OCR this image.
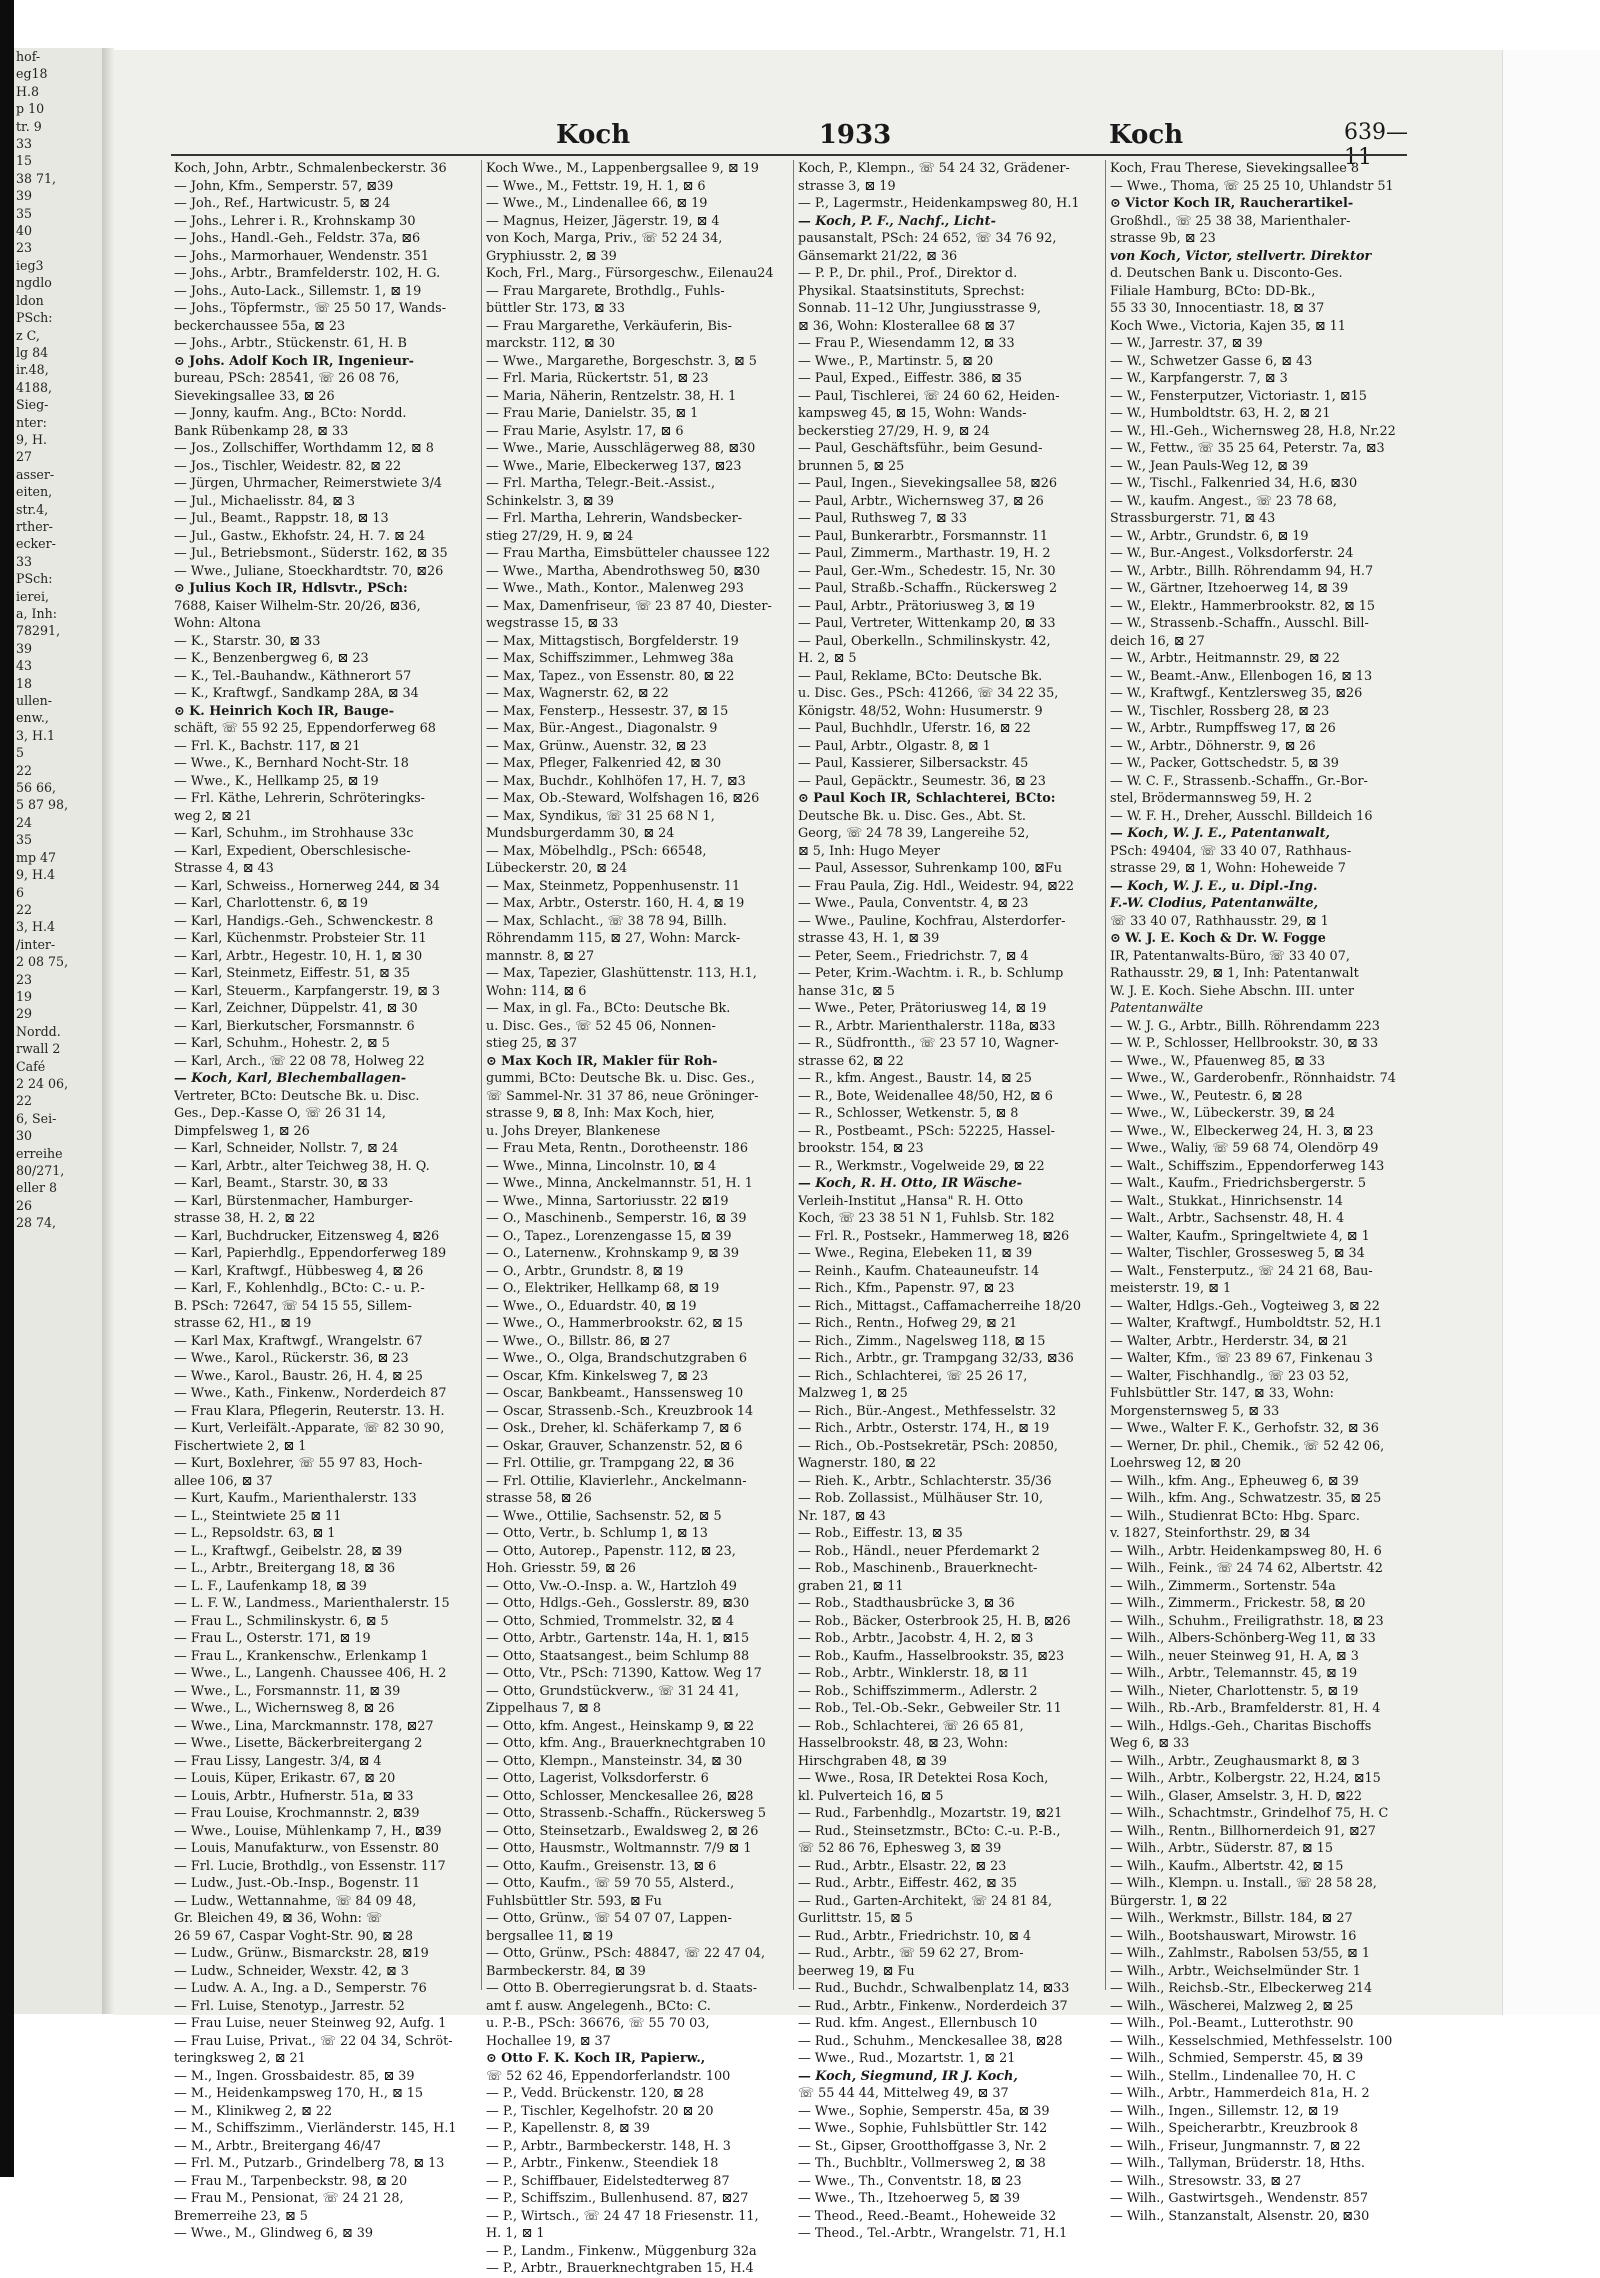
hof-
eg18
H.8
p 10
tr. 9
33
15
38 71,
39
35
40
23
ieg3
ngdlo
ldon
PSch:
z C,
lg 84
ir.48,
4188,
Sieg-
nter:
9, H.
27
asser-
eiten,
str.4,
rther-
ecker-
33
PSch:
ierei,
a, Inh:
78291,
39
43
18
ullen-
enw.,
3, H.1
5
22
56 66,
5 87 98,
24
35
mp 47
9, H.4
6
22
3, H.4
/inter-
2 08 75,
23
19
29
Nordd.
rwall 2
Café
2 24 06,
22
6, Sei-
30
erreihe
80/271,
eller 8
26
28 74,
Koch	1933	Koch	639—11
Koch, John, Arbtr., Schmalenbeckerstr. 36
— John, Kfm., Semperstr. 57, ⊠39
— Joh., Ref., Hartwicustr. 5, ⊠ 24
— Johs., Lehrer i. R., Krohnskamp 30
— Johs., Handl.-Geh., Feldstr. 37a, ⊠6
— Johs., Marmorhauer, Wendenstr. 351
— Johs., Arbtr., Bramfelderstr. 102, H. G.
— Johs., Auto-Lack., Sillemstr. 1, ⊠ 19
— Johs., Töpfermstr., ☏ 25 50 17, Wands-
beckerchaussee 55a, ⊠ 23
— Johs., Arbtr., Stückenstr. 61, H. B
⊙ Johs. Adolf Koch IR, Ingenieur-
bureau, PSch: 28541, ☏ 26 08 76,
Sievekingsallee 33, ⊠ 26
— Jonny, kaufm. Ang., BCto: Nordd.
Bank Rübenkamp 28, ⊠ 33
— Jos., Zollschiffer, Worthdamm 12, ⊠ 8
— Jos., Tischler, Weidestr. 82, ⊠ 22
— Jürgen, Uhrmacher, Reimerstwiete 3/4
— Jul., Michaelisstr. 84, ⊠ 3
— Jul., Beamt., Rappstr. 18, ⊠ 13
— Jul., Gastw., Ekhofstr. 24, H. 7. ⊠ 24
— Jul., Betriebsmont., Süderstr. 162, ⊠ 35
— Wwe., Juliane, Stoeckhardtstr. 70, ⊠26
⊙ Julius Koch IR, Hdlsvtr., PSch:
7688, Kaiser Wilhelm-Str. 20/26, ⊠36,
Wohn: Altona
— K., Starstr. 30, ⊠ 33
— K., Benzenbergweg 6, ⊠ 23
— K., Tel.-Bauhandw., Käthnerort 57
— K., Kraftwgf., Sandkamp 28A, ⊠ 34
⊙ K. Heinrich Koch IR, Bauge-
schäft, ☏ 55 92 25, Eppendorferweg 68
— Frl. K., Bachstr. 117, ⊠ 21
— Wwe., K., Bernhard Nocht-Str. 18
— Wwe., K., Hellkamp 25, ⊠ 19
— Frl. Käthe, Lehrerin, Schröteringks-
weg 2, ⊠ 21
— Karl, Schuhm., im Strohhause 33c
— Karl, Expedient, Oberschlesische-
Strasse 4, ⊠ 43
— Karl, Schweiss., Hornerweg 244, ⊠ 34
— Karl, Charlottenstr. 6, ⊠ 19
— Karl, Handigs.-Geh., Schwenckestr. 8
— Karl, Küchenmstr. Probsteier Str. 11
— Karl, Arbtr., Hegestr. 10, H. 1, ⊠ 30
— Karl, Steinmetz, Eiffestr. 51, ⊠ 35
— Karl, Steuerm., Karpfangerstr. 19, ⊠ 3
— Karl, Zeichner, Düppelstr. 41, ⊠ 30
— Karl, Bierkutscher, Forsmannstr. 6
— Karl, Schuhm., Hohestr. 2, ⊠ 5
— Karl, Arch., ☏ 22 08 78, Holweg 22
— Koch, Karl, Blechemballagen-
Vertreter, BCto: Deutsche Bk. u. Disc.
Ges., Dep.-Kasse O, ☏ 26 31 14,
Dimpfelsweg 1, ⊠ 26
— Karl, Schneider, Nollstr. 7, ⊠ 24
— Karl, Arbtr., alter Teichweg 38, H. Q.
— Karl, Beamt., Starstr. 30, ⊠ 33
— Karl, Bürstenmacher, Hamburger-
strasse 38, H. 2, ⊠ 22
— Karl, Buchdrucker, Eitzensweg 4, ⊠26
— Karl, Papierhdlg., Eppendorferweg 189
— Karl, Kraftwgf., Hübbesweg 4, ⊠ 26
— Karl, F., Kohlenhdlg., BCto: C.- u. P.-
B. PSch: 72647, ☏ 54 15 55, Sillem-
strasse 62, H1., ⊠ 19
— Karl Max, Kraftwgf., Wrangelstr. 67
— Wwe., Karol., Rückerstr. 36, ⊠ 23
— Wwe., Karol., Baustr. 26, H. 4, ⊠ 25
— Wwe., Kath., Finkenw., Norderdeich 87
— Frau Klara, Pflegerin, Reuterstr. 13. H.
— Kurt, Verleifält.-Apparate, ☏ 82 30 90,
Fischertwiete 2, ⊠ 1
— Kurt, Boxlehrer, ☏ 55 97 83, Hoch-
allee 106, ⊠ 37
— Kurt, Kaufm., Marienthalerstr. 133
— L., Steintwiete 25 ⊠ 11
— L., Repsoldstr. 63, ⊠ 1
— L., Kraftwgf., Geibelstr. 28, ⊠ 39
— L., Arbtr., Breitergang 18, ⊠ 36
— L. F., Laufenkamp 18, ⊠ 39
— L. F. W., Landmess., Marienthalerstr. 15
— Frau L., Schmilinskystr. 6, ⊠ 5
— Frau L., Osterstr. 171, ⊠ 19
— Frau L., Krankenschw., Erlenkamp 1
— Wwe., L., Langenh. Chaussee 406, H. 2
— Wwe., L., Forsmannstr. 11, ⊠ 39
— Wwe., L., Wichernsweg 8, ⊠ 26
— Wwe., Lina, Marckmannstr. 178, ⊠27
— Wwe., Lisette, Bäckerbreitergang 2
— Frau Lissy, Langestr. 3/4, ⊠ 4
— Louis, Küper, Erikastr. 67, ⊠ 20
— Louis, Arbtr., Hufnerstr. 51a, ⊠ 33
— Frau Louise, Krochmannstr. 2, ⊠39
— Wwe., Louise, Mühlenkamp 7, H., ⊠39
— Louis, Manufakturw., von Essenstr. 80
— Frl. Lucie, Brothdlg., von Essenstr. 117
— Ludw., Just.-Ob.-Insp., Bogenstr. 11
— Ludw., Wettannahme, ☏ 84 09 48,
Gr. Bleichen 49, ⊠ 36, Wohn: ☏
26 59 67, Caspar Voght-Str. 90, ⊠ 28
— Ludw., Grünw., Bismarckstr. 28, ⊠19
— Ludw., Schneider, Wexstr. 42, ⊠ 3
— Ludw. A. A., Ing. a D., Semperstr. 76
— Frl. Luise, Stenotyp., Jarrestr. 52
— Frau Luise, neuer Steinweg 92, Aufg. 1
— Frau Luise, Privat., ☏ 22 04 34, Schröt-
teringksweg 2, ⊠ 21
— M., Ingen. Grossbaidestr. 85, ⊠ 39
— M., Heidenkampsweg 170, H., ⊠ 15
— M., Klinikweg 2, ⊠ 22
— M., Schiffszimm., Vierländerstr. 145, H.1
— M., Arbtr., Breitergang 46/47
— Frl. M., Putzarb., Grindelberg 78, ⊠ 13
— Frau M., Tarpenbeckstr. 98, ⊠ 20
— Frau M., Pensionat, ☏ 24 21 28,
Bremerreihe 23, ⊠ 5
— Wwe., M., Glindweg 6, ⊠ 39
Koch Wwe., M., Lappenbergsallee 9, ⊠ 19
— Wwe., M., Fettstr. 19, H. 1, ⊠ 6
— Wwe., M., Lindenallee 66, ⊠ 19
— Magnus, Heizer, Jägerstr. 19, ⊠ 4
von Koch, Marga, Priv., ☏ 52 24 34,
Gryphiusstr. 2, ⊠ 39
Koch, Frl., Marg., Fürsorgeschw., Eilenau24
— Frau Margarete, Brothdlg., Fuhls-
büttler Str. 173, ⊠ 33
— Frau Margarethe, Verkäuferin, Bis-
marckstr. 112, ⊠ 30
— Wwe., Margarethe, Borgeschstr. 3, ⊠ 5
— Frl. Maria, Rückertstr. 51, ⊠ 23
— Maria, Näherin, Rentzelstr. 38, H. 1
— Frau Marie, Danielstr. 35, ⊠ 1
— Frau Marie, Asylstr. 17, ⊠ 6
— Wwe., Marie, Ausschlägerweg 88, ⊠30
— Wwe., Marie, Elbeckerweg 137, ⊠23
— Frl. Martha, Telegr.-Beit.-Assist.,
Schinkelstr. 3, ⊠ 39
— Frl. Martha, Lehrerin, Wandsbecker-
stieg 27/29, H. 9, ⊠ 24
— Frau Martha, Eimsbütteler chaussee 122
— Wwe., Martha, Abendrothsweg 50, ⊠30
— Wwe., Math., Kontor., Malenweg 293
— Max, Damenfriseur, ☏ 23 87 40, Diester-
wegstrasse 15, ⊠ 33
— Max, Mittagstisch, Borgfelderstr. 19
— Max, Schiffszimmer., Lehmweg 38a
— Max, Tapez., von Essenstr. 80, ⊠ 22
— Max, Wagnerstr. 62, ⊠ 22
— Max, Fensterp., Hessestr. 37, ⊠ 15
— Max, Bür.-Angest., Diagonalstr. 9
— Max, Grünw., Auenstr. 32, ⊠ 23
— Max, Pfleger, Falkenried 42, ⊠ 30
— Max, Buchdr., Kohlhöfen 17, H. 7, ⊠3
— Max, Ob.-Steward, Wolfshagen 16, ⊠26
— Max, Syndikus, ☏ 31 25 68 N 1,
Mundsburgerdamm 30, ⊠ 24
— Max, Möbelhdlg., PSch: 66548,
Lübeckerstr. 20, ⊠ 24
— Max, Steinmetz, Poppenhusenstr. 11
— Max, Arbtr., Osterstr. 160, H. 4, ⊠ 19
— Max, Schlacht., ☏ 38 78 94, Billh.
Röhrendamm 115, ⊠ 27, Wohn: Marck-
mannstr. 8, ⊠ 27
— Max, Tapezier, Glashüttenstr. 113, H.1,
Wohn: 114, ⊠ 6
— Max, in gl. Fa., BCto: Deutsche Bk.
u. Disc. Ges., ☏ 52 45 06, Nonnen-
stieg 25, ⊠ 37
⊙ Max Koch IR, Makler für Roh-
gummi, BCto: Deutsche Bk. u. Disc. Ges.,
☏ Sammel-Nr. 31 37 86, neue Gröninger-
strasse 9, ⊠ 8, Inh: Max Koch, hier,
u. Johs Dreyer, Blankenese
— Frau Meta, Rentn., Dorotheenstr. 186
— Wwe., Minna, Lincolnstr. 10, ⊠ 4
— Wwe., Minna, Anckelmannstr. 51, H. 1
— Wwe., Minna, Sartoriusstr. 22 ⊠19
— O., Maschinenb., Semperstr. 16, ⊠ 39
— O., Tapez., Lorenzengasse 15, ⊠ 39
— O., Laternenw., Krohnskamp 9, ⊠ 39
— O., Arbtr., Grundstr. 8, ⊠ 19
— O., Elektriker, Hellkamp 68, ⊠ 19
— Wwe., O., Eduardstr. 40, ⊠ 19
— Wwe., O., Hammerbrookstr. 62, ⊠ 15
— Wwe., O., Billstr. 86, ⊠ 27
— Wwe., O., Olga, Brandschutzgraben 6
— Oscar, Kfm. Kinkelsweg 7, ⊠ 23
— Oscar, Bankbeamt., Hanssensweg 10
— Oscar, Strassenb.-Sch., Kreuzbrook 14
— Osk., Dreher, kl. Schäferkamp 7, ⊠ 6
— Oskar, Grauver, Schanzenstr. 52, ⊠ 6
— Frl. Ottilie, gr. Trampgang 22, ⊠ 36
— Frl. Ottilie, Klavierlehr., Anckelmann-
strasse 58, ⊠ 26
— Wwe., Ottilie, Sachsenstr. 52, ⊠ 5
— Otto, Vertr., b. Schlump 1, ⊠ 13
— Otto, Autorep., Papenstr. 112, ⊠ 23,
Hoh. Griesstr. 59, ⊠ 26
— Otto, Vw.-O.-Insp. a. W., Hartzloh 49
— Otto, Hdlgs.-Geh., Gosslerstr. 89, ⊠30
— Otto, Schmied, Trommelstr. 32, ⊠ 4
— Otto, Arbtr., Gartenstr. 14a, H. 1, ⊠15
— Otto, Staatsangest., beim Schlump 88
— Otto, Vtr., PSch: 71390, Kattow. Weg 17
— Otto, Grundstückverw., ☏ 31 24 41,
Zippelhaus 7, ⊠ 8
— Otto, kfm. Angest., Heinskamp 9, ⊠ 22
— Otto, kfm. Ang., Brauerknechtgraben 10
— Otto, Klempn., Mansteinstr. 34, ⊠ 30
— Otto, Lagerist, Volksdorferstr. 6
— Otto, Schlosser, Menckesallee 26, ⊠28
— Otto, Strassenb.-Schaffn., Rückersweg 5
— Otto, Steinsetzarb., Ewaldsweg 2, ⊠ 26
— Otto, Hausmstr., Woltmannstr. 7/9 ⊠ 1
— Otto, Kaufm., Greisenstr. 13, ⊠ 6
— Otto, Kaufm., ☏ 59 70 55, Alsterd.,
Fuhlsbüttler Str. 593, ⊠ Fu
— Otto, Grünw., ☏ 54 07 07, Lappen-
bergsallee 11, ⊠ 19
— Otto, Grünw., PSch: 48847, ☏ 22 47 04,
Barmbeckerstr. 84, ⊠ 39
— Otto B. Oberregierungsrat b. d. Staats-
amt f. ausw. Angelegenh., BCto: C.
u. P.-B., PSch: 36676, ☏ 55 70 03,
Hochallee 19, ⊠ 37
⊙ Otto F. K. Koch IR, Papierw.,
☏ 52 62 46, Eppendorferlandstr. 100
— P., Vedd. Brückenstr. 120, ⊠ 28
— P., Tischler, Kegelhofstr. 20 ⊠ 20
— P., Kapellenstr. 8, ⊠ 39
— P., Arbtr., Barmbeckerstr. 148, H. 3
— P., Arbtr., Finkenw., Steendiek 18
— P., Schiffbauer, Eidelstedterweg 87
— P., Schiffszim., Bullenhusend. 87, ⊠27
— P., Wirtsch., ☏ 24 47 18 Friesenstr. 11,
H. 1, ⊠ 1
— P., Landm., Finkenw., Müggenburg 32a
— P., Arbtr., Brauerknechtgraben 15, H.4
Koch, P., Klempn., ☏ 54 24 32, Grädener-
strasse 3, ⊠ 19
— P., Lagermstr., Heidenkampsweg 80, H.1
— Koch, P. F., Nachf., Licht-
pausanstalt, PSch: 24 652, ☏ 34 76 92,
Gänsemarkt 21/22, ⊠ 36
— P. P., Dr. phil., Prof., Direktor d.
Physikal. Staatsinstituts, Sprechst:
Sonnab. 11–12 Uhr, Jungiusstrasse 9,
⊠ 36, Wohn: Klosterallee 68 ⊠ 37
— Frau P., Wiesendamm 12, ⊠ 33
— Wwe., P., Martinstr. 5, ⊠ 20
— Paul, Exped., Eiffestr. 386, ⊠ 35
— Paul, Tischlerei, ☏ 24 60 62, Heiden-
kampsweg 45, ⊠ 15, Wohn: Wands-
beckerstieg 27/29, H. 9, ⊠ 24
— Paul, Geschäftsführ., beim Gesund-
brunnen 5, ⊠ 25
— Paul, Ingen., Sievekingsallee 58, ⊠26
— Paul, Arbtr., Wichernsweg 37, ⊠ 26
— Paul, Ruthsweg 7, ⊠ 33
— Paul, Bunkerarbtr., Forsmannstr. 11
— Paul, Zimmerm., Marthastr. 19, H. 2
— Paul, Ger.-Wm., Schedestr. 15, Nr. 30
— Paul, Straßb.-Schaffn., Rückersweg 2
— Paul, Arbtr., Prätoriusweg 3, ⊠ 19
— Paul, Vertreter, Wittenkamp 20, ⊠ 33
— Paul, Oberkelln., Schmilinskystr. 42,
H. 2, ⊠ 5
— Paul, Reklame, BCto: Deutsche Bk.
u. Disc. Ges., PSch: 41266, ☏ 34 22 35,
Königstr. 48/52, Wohn: Husumerstr. 9
— Paul, Buchhdlr., Uferstr. 16, ⊠ 22
— Paul, Arbtr., Olgastr. 8, ⊠ 1
— Paul, Kassierer, Silbersackstr. 45
— Paul, Gepäcktr., Seumestr. 36, ⊠ 23
⊙ Paul Koch IR, Schlachterei, BCto:
Deutsche Bk. u. Disc. Ges., Abt. St.
Georg, ☏ 24 78 39, Langereihe 52,
⊠ 5, Inh: Hugo Meyer
— Paul, Assessor, Suhrenkamp 100, ⊠Fu
— Frau Paula, Zig. Hdl., Weidestr. 94, ⊠22
— Wwe., Paula, Conventstr. 4, ⊠ 23
— Wwe., Pauline, Kochfrau, Alsterdorfer-
strasse 43, H. 1, ⊠ 39
— Peter, Seem., Friedrichstr. 7, ⊠ 4
— Peter, Krim.-Wachtm. i. R., b. Schlump
hanse 31c, ⊠ 5
— Wwe., Peter, Prätoriusweg 14, ⊠ 19
— R., Arbtr. Marienthalerstr. 118a, ⊠33
— R., Südfrontth., ☏ 23 57 10, Wagner-
strasse 62, ⊠ 22
— R., kfm. Angest., Baustr. 14, ⊠ 25
— R., Bote, Weidenallee 48/50, H2, ⊠ 6
— R., Schlosser, Wetkenstr. 5, ⊠ 8
— R., Postbeamt., PSch: 52225, Hassel-
brookstr. 154, ⊠ 23
— R., Werkmstr., Vogelweide 29, ⊠ 22
— Koch, R. H. Otto, IR Wäsche-
Verleih-Institut „Hansa" R. H. Otto
Koch, ☏ 23 38 51 N 1, Fuhlsb. Str. 182
— Frl. R., Postsekr., Hammerweg 18, ⊠26
— Wwe., Regina, Elebeken 11, ⊠ 39
— Reinh., Kaufm. Chateauneufstr. 14
— Rich., Kfm., Papenstr. 97, ⊠ 23
— Rich., Mittagst., Caffamacherreihe 18/20
— Rich., Rentn., Hofweg 29, ⊠ 21
— Rich., Zimm., Nagelsweg 118, ⊠ 15
— Rich., Arbtr., gr. Trampgang 32/33, ⊠36
— Rich., Schlachterei, ☏ 25 26 17,
Malzweg 1, ⊠ 25
— Rich., Bür.-Angest., Methfesselstr. 32
— Rich., Arbtr., Osterstr. 174, H., ⊠ 19
— Rich., Ob.-Postsekretär, PSch: 20850,
Wagnerstr. 180, ⊠ 22
— Rieh. K., Arbtr., Schlachterstr. 35/36
— Rob. Zollassist., Mülhäuser Str. 10,
Nr. 187, ⊠ 43
— Rob., Eiffestr. 13, ⊠ 35
— Rob., Händl., neuer Pferdemarkt 2
— Rob., Maschinenb., Brauerknecht-
graben 21, ⊠ 11
— Rob., Stadthausbrücke 3, ⊠ 36
— Rob., Bäcker, Osterbrook 25, H. B, ⊠26
— Rob., Arbtr., Jacobstr. 4, H. 2, ⊠ 3
— Rob., Kaufm., Hasselbrookstr. 35, ⊠23
— Rob., Arbtr., Winklerstr. 18, ⊠ 11
— Rob., Schiffszimmerm., Adlerstr. 2
— Rob., Tel.-Ob.-Sekr., Gebweiler Str. 11
— Rob., Schlachterei, ☏ 26 65 81,
Hasselbrookstr. 48, ⊠ 23, Wohn:
Hirschgraben 48, ⊠ 39
— Wwe., Rosa, IR Detektei Rosa Koch,
kl. Pulverteich 16, ⊠ 5
— Rud., Farbenhdlg., Mozartstr. 19, ⊠21
— Rud., Steinsetzmstr., BCto: C.-u. P.-B.,
☏ 52 86 76, Ephesweg 3, ⊠ 39
— Rud., Arbtr., Elsastr. 22, ⊠ 23
— Rud., Arbtr., Eiffestr. 462, ⊠ 35
— Rud., Garten-Architekt, ☏ 24 81 84,
Gurlittstr. 15, ⊠ 5
— Rud., Arbtr., Friedrichstr. 10, ⊠ 4
— Rud., Arbtr., ☏ 59 62 27, Brom-
beerweg 19, ⊠ Fu
— Rud., Buchdr., Schwalbenplatz 14, ⊠33
— Rud., Arbtr., Finkenw., Norderdeich 37
— Rud. kfm. Angest., Ellernbusch 10
— Rud., Schuhm., Menckesallee 38, ⊠28
— Wwe., Rud., Mozartstr. 1, ⊠ 21
— Koch, Siegmund, IR J. Koch,
☏ 55 44 44, Mittelweg 49, ⊠ 37
— Wwe., Sophie, Semperstr. 45a, ⊠ 39
— Wwe., Sophie, Fuhlsbüttler Str. 142
— St., Gipser, Grootthoffgasse 3, Nr. 2
— Th., Buchbltr., Vollmersweg 2, ⊠ 38
— Wwe., Th., Conventstr. 18, ⊠ 23
— Wwe., Th., Itzehoerweg 5, ⊠ 39
— Theod., Reed.-Beamt., Hoheweide 32
— Theod., Tel.-Arbtr., Wrangelstr. 71, H.1
Koch, Frau Therese, Sievekingsallee 8
— Wwe., Thoma, ☏ 25 25 10, Uhlandstr 51
⊙ Victor Koch IR, Raucherartikel-
Großhdl., ☏ 25 38 38, Marienthaler-
strasse 9b, ⊠ 23
von Koch, Victor, stellvertr. Direktor
d. Deutschen Bank u. Disconto-Ges.
Filiale Hamburg, BCto: DD-Bk.,
55 33 30, Innocentiastr. 18, ⊠ 37
Koch Wwe., Victoria, Kajen 35, ⊠ 11
— W., Jarrestr. 37, ⊠ 39
— W., Schwetzer Gasse 6, ⊠ 43
— W., Karpfangerstr. 7, ⊠ 3
— W., Fensterputzer, Victoriastr. 1, ⊠15
— W., Humboldtstr. 63, H. 2, ⊠ 21
— W., Hl.-Geh., Wichernsweg 28, H.8, Nr.22
— W., Fettw., ☏ 35 25 64, Peterstr. 7a, ⊠3
— W., Jean Pauls-Weg 12, ⊠ 39
— W., Tischl., Falkenried 34, H.6, ⊠30
— W., kaufm. Angest., ☏ 23 78 68,
Strassburgerstr. 71, ⊠ 43
— W., Arbtr., Grundstr. 6, ⊠ 19
— W., Bur.-Angest., Volksdorferstr. 24
— W., Arbtr., Billh. Röhrendamm 94, H.7
— W., Gärtner, Itzehoerweg 14, ⊠ 39
— W., Elektr., Hammerbrookstr. 82, ⊠ 15
— W., Strassenb.-Schaffn., Ausschl. Bill-
deich 16, ⊠ 27
— W., Arbtr., Heitmannstr. 29, ⊠ 22
— W., Beamt.-Anw., Ellenbogen 16, ⊠ 13
— W., Kraftwgf., Kentzlersweg 35, ⊠26
— W., Tischler, Rossberg 28, ⊠ 23
— W., Arbtr., Rumpffsweg 17, ⊠ 26
— W., Arbtr., Döhnerstr. 9, ⊠ 26
— W., Packer, Gottschedstr. 5, ⊠ 39
— W. C. F., Strassenb.-Schaffn., Gr.-Bor-
stel, Brödermannsweg 59, H. 2
— W. F. H., Dreher, Ausschl. Billdeich 16
— Koch, W. J. E., Patentanwalt,
PSch: 49404, ☏ 33 40 07, Rathhaus-
strasse 29, ⊠ 1, Wohn: Hoheweide 7
— Koch, W. J. E., u. Dipl.-Ing.
F.-W. Clodius, Patentanwälte,
☏ 33 40 07, Rathhausstr. 29, ⊠ 1
⊙ W. J. E. Koch & Dr. W. Fogge
IR, Patentanwalts-Büro, ☏ 33 40 07,
Rathausstr. 29, ⊠ 1, Inh: Patentanwalt
W. J. E. Koch. Siehe Abschn. III. unter
Patentanwälte
— W. J. G., Arbtr., Billh. Röhrendamm 223
— W. P., Schlosser, Hellbrookstr. 30, ⊠ 33
— Wwe., W., Pfauenweg 85, ⊠ 33
— Wwe., W., Garderobenfr., Rönnhaidstr. 74
— Wwe., W., Peutestr. 6, ⊠ 28
— Wwe., W., Lübeckerstr. 39, ⊠ 24
— Wwe., W., Elbeckerweg 24, H. 3, ⊠ 23
— Wwe., Waliy, ☏ 59 68 74, Olendörp 49
— Walt., Schiffszim., Eppendorferweg 143
— Walt., Kaufm., Friedrichsbergerstr. 5
— Walt., Stukkat., Hinrichsenstr. 14
— Walt., Arbtr., Sachsenstr. 48, H. 4
— Walter, Kaufm., Springeltwiete 4, ⊠ 1
— Walter, Tischler, Grossesweg 5, ⊠ 34
— Walt., Fensterputz., ☏ 24 21 68, Bau-
meisterstr. 19, ⊠ 1
— Walter, Hdlgs.-Geh., Vogteiweg 3, ⊠ 22
— Walter, Kraftwgf., Humboldtstr. 52, H.1
— Walter, Arbtr., Herderstr. 34, ⊠ 21
— Walter, Kfm., ☏ 23 89 67, Finkenau 3
— Walter, Fischhandlg., ☏ 23 03 52,
Fuhlsbüttler Str. 147, ⊠ 33, Wohn:
Morgensternsweg 5, ⊠ 33
— Wwe., Walter F. K., Gerhofstr. 32, ⊠ 36
— Werner, Dr. phil., Chemik., ☏ 52 42 06,
Loehrsweg 12, ⊠ 20
— Wilh., kfm. Ang., Epheuweg 6, ⊠ 39
— Wilh., kfm. Ang., Schwatzestr. 35, ⊠ 25
— Wilh., Studienrat BCto: Hbg. Sparc.
v. 1827, Steinforthstr. 29, ⊠ 34
— Wilh., Arbtr. Heidenkampsweg 80, H. 6
— Wilh., Feink., ☏ 24 74 62, Albertstr. 42
— Wilh., Zimmerm., Sortenstr. 54a
— Wilh., Zimmerm., Frickestr. 58, ⊠ 20
— Wilh., Schuhm., Freiligrathstr. 18, ⊠ 23
— Wilh., Albers-Schönberg-Weg 11, ⊠ 33
— Wilh., neuer Steinweg 91, H. A, ⊠ 3
— Wilh., Arbtr., Telemannstr. 45, ⊠ 19
— Wilh., Nieter, Charlottenstr. 5, ⊠ 19
— Wilh., Rb.-Arb., Bramfelderstr. 81, H. 4
— Wilh., Hdlgs.-Geh., Charitas Bischoffs
Weg 6, ⊠ 33
— Wilh., Arbtr., Zeughausmarkt 8, ⊠ 3
— Wilh., Arbtr., Kolbergstr. 22, H.24, ⊠15
— Wilh., Glaser, Amselstr. 3, H. D, ⊠22
— Wilh., Schachtmstr., Grindelhof 75, H. C
— Wilh., Rentn., Billhornerdeich 91, ⊠27
— Wilh., Arbtr., Süderstr. 87, ⊠ 15
— Wilh., Kaufm., Albertstr. 42, ⊠ 15
— Wilh., Klempn. u. Install., ☏ 28 58 28,
Bürgerstr. 1, ⊠ 22
— Wilh., Werkmstr., Billstr. 184, ⊠ 27
— Wilh., Bootshauswart, Mirowstr. 16
— Wilh., Zahlmstr., Rabolsen 53/55, ⊠ 1
— Wilh., Arbtr., Weichselmünder Str. 1
— Wilh., Reichsb.-Str., Elbeckerweg 214
— Wilh., Wäscherei, Malzweg 2, ⊠ 25
— Wilh., Pol.-Beamt., Lutterothstr. 90
— Wilh., Kesselschmied, Methfesselstr. 100
— Wilh., Schmied, Semperstr. 45, ⊠ 39
— Wilh., Stellm., Lindenallee 70, H. C
— Wilh., Arbtr., Hammerdeich 81a, H. 2
— Wilh., Ingen., Sillemstr. 12, ⊠ 19
— Wilh., Speicherarbtr., Kreuzbrook 8
— Wilh., Friseur, Jungmannstr. 7, ⊠ 22
— Wilh., Tallyman, Brüderstr. 18, Hths.
— Wilh., Stresowstr. 33, ⊠ 27
— Wilh., Gastwirtsgeh., Wendenstr. 857
— Wilh., Stanzanstalt, Alsenstr. 20, ⊠30
